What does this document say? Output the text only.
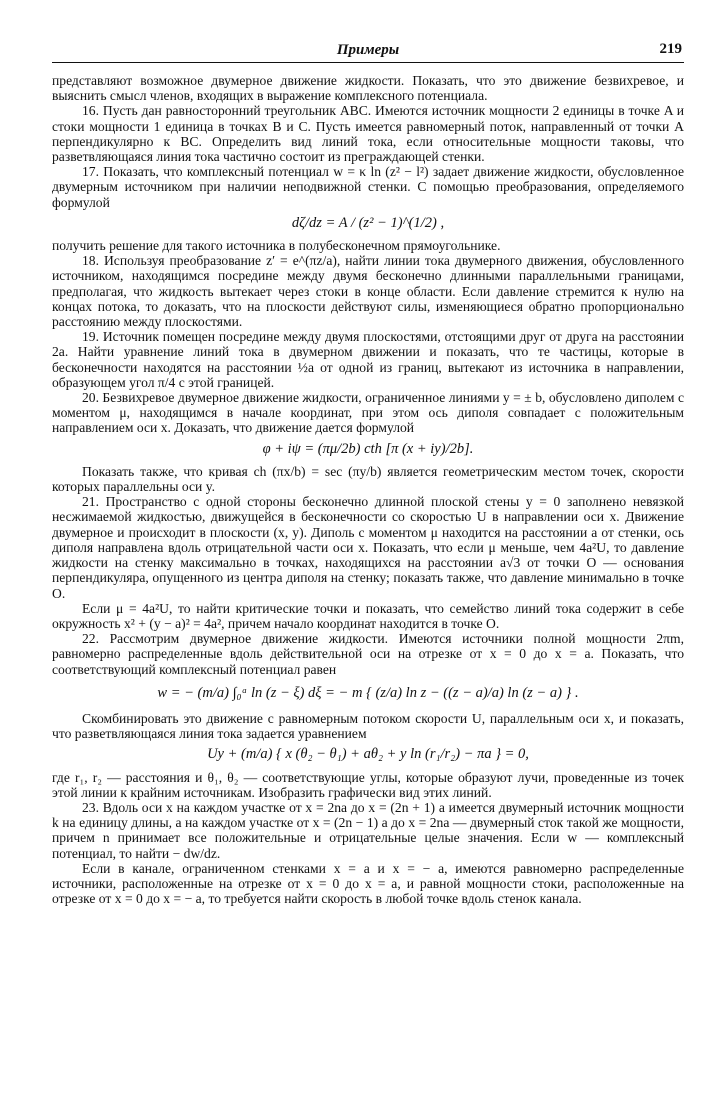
Примеры	219

представляют возможное двумерное движение жидкости. Показать, что это движение безвихревое, и выяснить смысл членов, входящих в выражение комплексного потенциала.

16. Пусть дан равносторонний треугольник ABC. Имеются источник мощности 2 единицы в точке A и стоки мощности 1 единица в точках B и C. Пусть имеется равномерный поток, направленный от точки A перпендикулярно к BC. Определить вид линий тока, если относительные мощности таковы, что разветвляющаяся линия тока частично состоит из преграждающей стенки.

17. Показать, что комплексный потенциал w = κ ln (z² − l²) задает движение жидкости, обусловленное двумерным источником при наличии неподвижной стенки. С помощью преобразования, определяемого формулой

dζ/dz = A / (z² − 1)^(1/2) ,

получить решение для такого источника в полубесконечном прямоугольнике.

18. Используя преобразование z′ = e^(πz/a), найти линии тока двумерного движения, обусловленного источником, находящимся посредине между двумя бесконечно длинными параллельными границами, предполагая, что жидкость вытекает через стоки в конце области. Если давление стремится к нулю на концах потока, то доказать, что на плоскости действуют силы, изменяющиеся обратно пропорционально расстоянию между плоскостями.

19. Источник помещен посредине между двумя плоскостями, отстоящими друг от друга на расстоянии 2a. Найти уравнение линий тока в двумерном движении и показать, что те частицы, которые в бесконечности находятся на расстоянии ½a от одной из границ, вытекают из источника в направлении, образующем угол π/4 с этой границей.

20. Безвихревое двумерное движение жидкости, ограниченное линиями y = ± b, обусловлено диполем с моментом μ, находящимся в начале координат, при этом ось диполя совпадает с положительным направлением оси x. Доказать, что движение дается формулой

φ + iψ = (πμ/2b) cth [π (x + iy)/2b].

Показать также, что кривая ch (πx/b) = sec (πy/b) является геометрическим местом точек, скорости которых параллельны оси y.

21. Пространство с одной стороны бесконечно длинной плоской стены y = 0 заполнено невязкой несжимаемой жидкостью, движущейся в бесконечности со скоростью U в направлении оси x. Движение двумерное и происходит в плоскости (x, y). Диполь с моментом μ находится на расстоянии a от стенки, ось диполя направлена вдоль отрицательной части оси x. Показать, что если μ меньше, чем 4a²U, то давление жидкости на стенку максимально в точках, находящихся на расстоянии a√3 от точки O — основания перпендикуляра, опущенного из центра диполя на стенку; показать также, что давление минимально в точке O.

Если μ = 4a²U, то найти критические точки и показать, что семейство линий тока содержит в себе окружность x² + (y − a)² = 4a², причем начало координат находится в точке O.

22. Рассмотрим двумерное движение жидкости. Имеются источники полной мощности 2πm, равномерно распределенные вдоль действительной оси на отрезке от x = 0 до x = a. Показать, что соответствующий комплексный потенциал равен

w = − (m/a) ∫₀ᵃ ln (z − ξ) dξ = − m { (z/a) ln z − ((z − a)/a) ln (z − a) } .

Скомбинировать это движение с равномерным потоком скорости U, параллельным оси x, и показать, что разветвляющаяся линия тока задается уравнением

Uy + (m/a) { x (θ₂ − θ₁) + aθ₂ + y ln (r₁/r₂) − πa } = 0,

где r₁, r₂ — расстояния и θ₁, θ₂ — соответствующие углы, которые образуют лучи, проведенные из точек этой линии к крайним источникам. Изобразить графически вид этих линий.

23. Вдоль оси x на каждом участке от x = 2na до x = (2n + 1) a имеется двумерный источник мощности k на единицу длины, а на каждом участке от x = (2n − 1) a до x = 2na — двумерный сток такой же мощности, причем n принимает все положительные и отрицательные целые значения. Если w — комплексный потенциал, то найти − dw/dz.

Если в канале, ограниченном стенками x = a и x = − a, имеются равномерно распределенные источники, расположенные на отрезке от x = 0 до x = a, и равной мощности стоки, расположенные на отрезке от x = 0 до x = − a, то требуется найти скорость в любой точке вдоль стенок канала.
